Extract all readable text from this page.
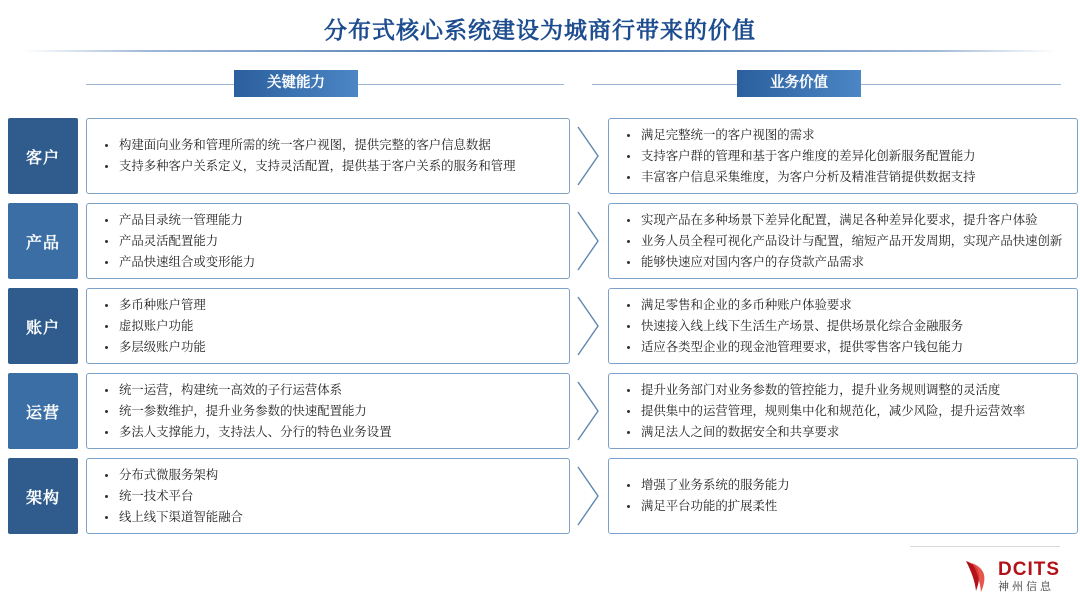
分布式核心系统建设为城商行带来的价值
关键能力	业务价值
客户
构建面向业务和管理所需的统一客户视图，提供完整的客户信息数据
支持多种客户关系定义，支持灵活配置，提供基于客户关系的服务和管理
满足完整统一的客户视图的需求
支持客户群的管理和基于客户维度的差异化创新服务配置能力
丰富客户信息采集维度，为客户分析及精准营销提供数据支持
产品
产品目录统一管理能力
产品灵活配置能力
产品快速组合或变形能力
实现产品在多种场景下差异化配置，满足各种差异化要求，提升客户体验
业务人员全程可视化产品设计与配置，缩短产品开发周期，实现产品快速创新
能够快速应对国内客户的存贷款产品需求
账户
多币种账户管理
虚拟账户功能
多层级账户功能
满足零售和企业的多币种账户体验要求
快速接入线上线下生活生产场景、提供场景化综合金融服务
适应各类型企业的现金池管理要求，提供零售客户钱包能力
运营
统一运营，构建统一高效的子行运营体系
统一参数维护，提升业务参数的快速配置能力
多法人支撑能力，支持法人、分行的特色业务设置
提升业务部门对业务参数的管控能力，提升业务规则调整的灵活度
提供集中的运营管理，规则集中化和规范化，减少风险，提升运营效率
满足法人之间的数据安全和共享要求
架构
分布式微服务架构
统一技术平台
线上线下渠道智能融合
增强了业务系统的服务能力
满足平台功能的扩展柔性
DCITS
神州信息
